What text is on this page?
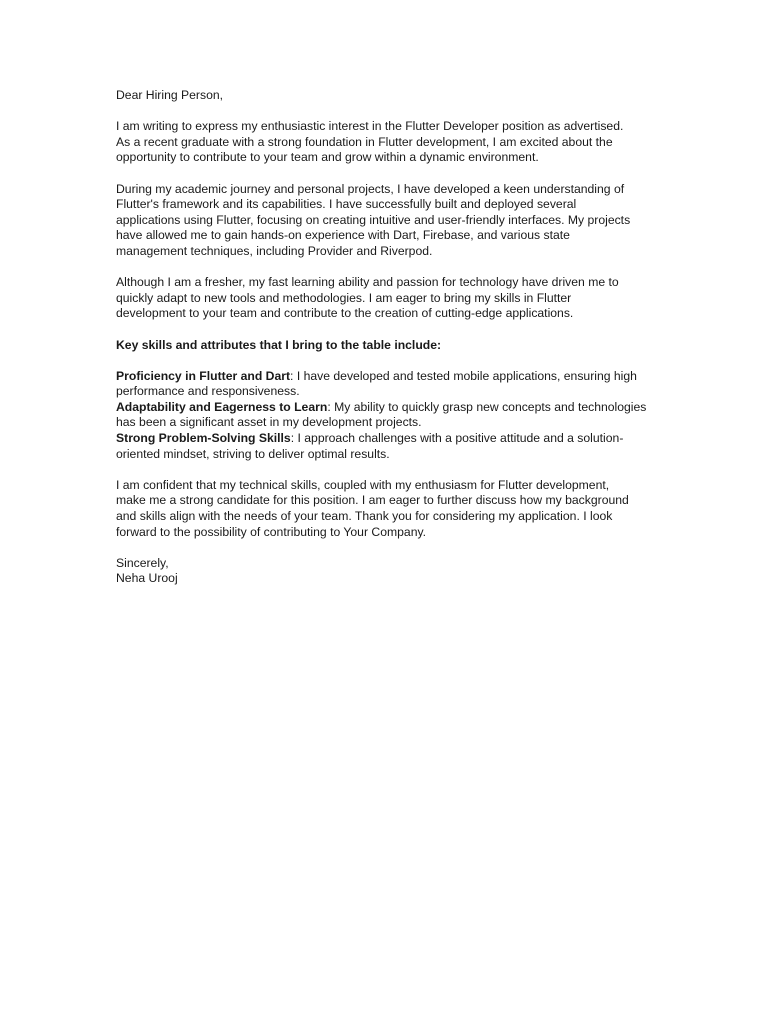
Dear Hiring Person,
I am writing to express my enthusiastic interest in the Flutter Developer position as advertised.
As a recent graduate with a strong foundation in Flutter development, I am excited about the
opportunity to contribute to your team and grow within a dynamic environment.
During my academic journey and personal projects, I have developed a keen understanding of
Flutter's framework and its capabilities. I have successfully built and deployed several
applications using Flutter, focusing on creating intuitive and user-friendly interfaces. My projects
have allowed me to gain hands-on experience with Dart, Firebase, and various state
management techniques, including Provider and Riverpod.
Although I am a fresher, my fast learning ability and passion for technology have driven me to
quickly adapt to new tools and methodologies. I am eager to bring my skills in Flutter
development to your team and contribute to the creation of cutting-edge applications.
Key skills and attributes that I bring to the table include:
Proficiency in Flutter and Dart: I have developed and tested mobile applications, ensuring high
performance and responsiveness.
Adaptability and Eagerness to Learn: My ability to quickly grasp new concepts and technologies
has been a significant asset in my development projects.
Strong Problem-Solving Skills: I approach challenges with a positive attitude and a solution-
oriented mindset, striving to deliver optimal results.
I am confident that my technical skills, coupled with my enthusiasm for Flutter development,
make me a strong candidate for this position. I am eager to further discuss how my background
and skills align with the needs of your team. Thank you for considering my application. I look
forward to the possibility of contributing to Your Company.
Sincerely,
Neha Urooj
